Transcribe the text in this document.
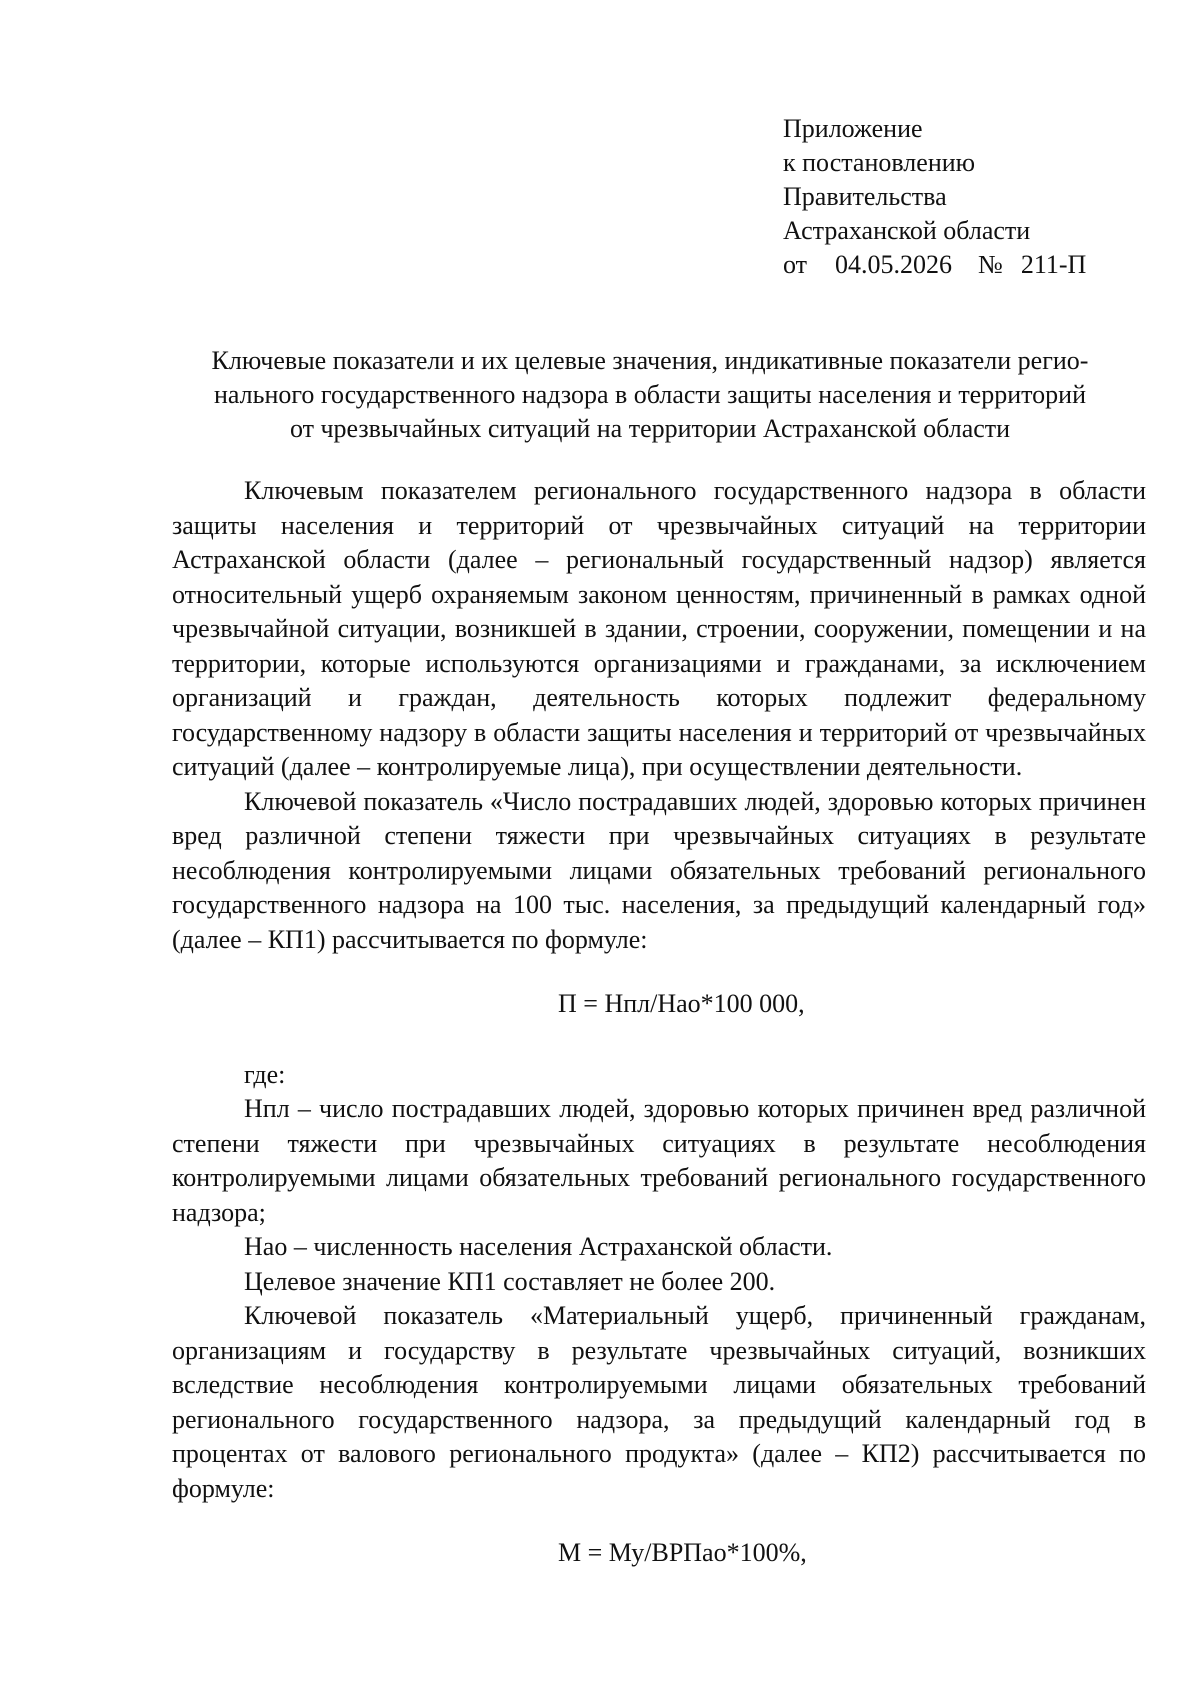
Приложение
к постановлению
Правительства
Астраханской области
от 04.05.2026 № 211-П
Ключевые показатели и их целевые значения, индикативные показатели регио-
нального государственного надзора в области защиты населения и территорий
от чрезвычайных ситуаций на территории Астраханской области

Ключевым показателем регионального государственного надзора в области защиты населения и территорий от чрезвычайных ситуаций на территории Астраханской области (далее – региональный государственный надзор) является относительный ущерб охраняемым законом ценностям, причиненный в рамках одной чрезвычайной ситуации, возникшей в здании, строении, сооружении, помещении и на территории, которые используются организациями и гражданами, за исключением организаций и граждан, деятельность которых подлежит федеральному государственному надзору в области защиты населения и территорий от чрезвычайных ситуаций (далее – контролируемые лица), при осуществлении деятельности.

Ключевой показатель «Число пострадавших людей, здоровью которых причинен вред различной степени тяжести при чрезвычайных ситуациях в результате несоблюдения контролируемыми лицами обязательных требований регионального государственного надзора на 100 тыс. населения, за предыдущий календарный год» (далее – КП1) рассчитывается по формуле:

П = Нпл/Нао*100 000,

где:

Нпл – число пострадавших людей, здоровью которых причинен вред различной степени тяжести при чрезвычайных ситуациях в результате несоблюдения контролируемыми лицами обязательных требований регионального государственного надзора;

Нао – численность населения Астраханской области.

Целевое значение КП1 составляет не более 200.

Ключевой показатель «Материальный ущерб, причиненный гражданам, организациям и государству в результате чрезвычайных ситуаций, возникших вследствие несоблюдения контролируемыми лицами обязательных требований регионального государственного надзора, за предыдущий календарный год в процентах от валового регионального продукта» (далее – КП2) рассчитывается по формуле:

М = Му/ВРПао*100%,
